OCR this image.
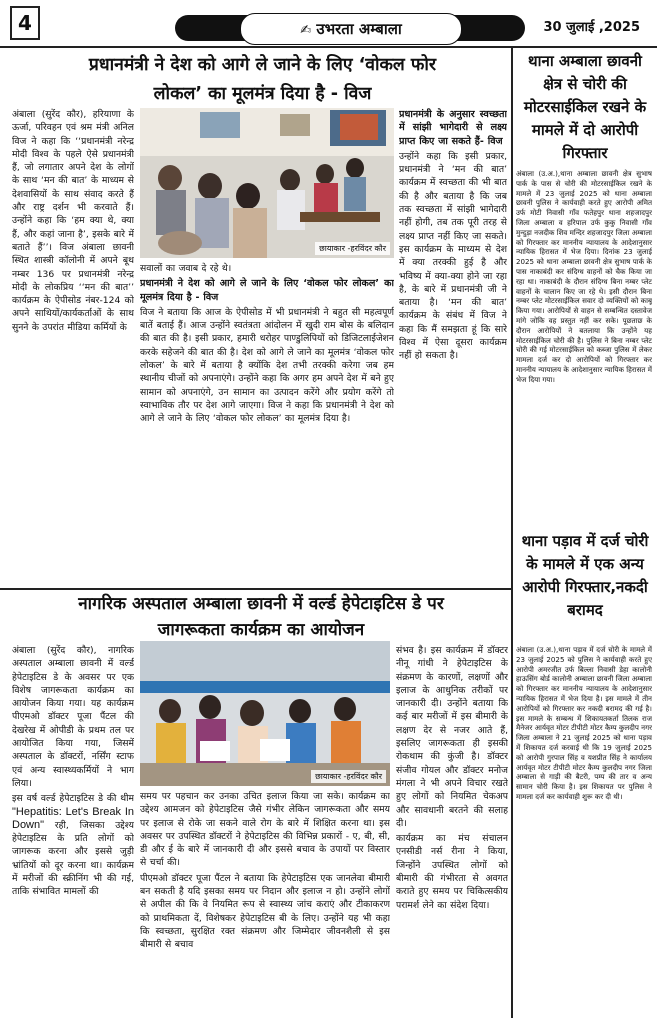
4	✍ उभरता अम्बाला	30 जुलाई ,2025
प्रधानमंत्री ने देश को आगे ले जाने के लिए ‘वोकल फोर
लोकल’ का मूलमंत्र दिया है - विज
अंबाला (सुरेंद कौर), हरियाणा के ऊर्जा, परिवहन एवं श्रम मंत्री अनिल विज ने कहा कि ‘‘प्रधानमंत्री नरेन्द्र मोदी विश्व के पहले ऐसे प्रधानमंत्री हैं, जो लगातार अपने देश के लोगों के साथ ‘मन की बात’ के माध्यम से देशवासियों के साथ संवाद करते हैं और राष्ट्र दर्शन भी करवाते हैं। उन्होंने कहा कि ‘हम क्या थे, क्या हैं, और कहां जाना है’, इसके बारे में बताते हैं’’। विज अंबाला छावनी स्थित शास्त्री कॉलोनी में अपने बूथ नम्बर 136 पर प्रधानमंत्री नरेन्द्र मोदी के लोकप्रिय ‘‘मन की बात’’ कार्यक्रम के ऐपीसोड नंबर-124 को अपने साथियों/कार्यकर्ताओं के साथ सुनने के उपरांत मीडिया कर्मियों के
छायाकार -हरविंदर कौर
सवालों का जवाब दे रहे थे।
प्रधानमंत्री ने देश को आगे ले जाने के लिए ‘वोकल फोर लोकल’ का मूलमंत्र दिया है - विज
विज ने बताया कि आज के ऐपीसोड में भी प्रधानमंत्री ने बहुत सी महत्वपूर्ण बातें बताई हैं। आज उन्होंने स्वतंत्रता आंदोलन में खुदी राम बोस के बलिदान की बात की है। इसी प्रकार, हमारी धरोहर पाण्डुलिपियों को डिजिटलाईजेशन करके सहेजने की बात की है। देश को आगे ले जाने का मूलमंत्र ‘वोकल फोर लोकल’ के बारे में बताया है क्योंकि देश तभी तरक्की करेगा जब हम स्थानीय चीजों को अपनाएंगे। उन्होंने कहा कि अगर हम अपने देश में बने हुए सामान को अपनाएंगे, उन सामान का उत्पादन करेंगे और प्रयोग करेंगे तो स्वाभाविक तौर पर देश आगे जाएगा। विज ने कहा कि प्रधानमंत्री ने देश को आगे ले जाने के लिए ‘वोकल फोर लोकल’ का मूलमंत्र दिया है।
प्रधानमंत्री के अनुसार स्वच्छता में सांझी भागेदारी से लक्ष्य प्राप्त किए जा सकते हैं- विज
उन्होंने कहा कि इसी प्रकार, प्रधानमंत्री ने ‘मन की बात’ कार्यक्रम में स्वच्छता की भी बात की है और बताया है कि जब तक स्वच्छता में सांझी भागेदारी नहीं होगी, तब तक पूरी तरह से लक्ष्य प्राप्त नहीं किए जा सकते। इस कार्यक्रम के माध्यम से देश में क्या तरक्की हुई है और भविष्य में क्या-क्या होने जा रहा है, के बारे में प्रधानमंत्री जी ने बताया है। ‘मन की बात’ कार्यक्रम के संबंध में विज ने कहा कि मैं समझता हूं कि सारे विश्व में ऐसा दूसरा कार्यक्रम नहीं हो सकता है।
नागरिक अस्पताल अम्बाला छावनी में वर्ल्ड हेपेटाइटिस डे पर
जागरूकता कार्यक्रम का आयोजन
अंबाला (सुरेंद कौर), नागरिक अस्पताल अम्बाला छावनी में वर्ल्ड हेपेटाइटिस डे के अवसर पर एक विशेष जागरूकता कार्यक्रम का आयोजन किया गया। यह कार्यक्रम पीएमओ डॉक्टर पूजा पैंटल की देखरेख में ओपीडी के प्रथम तल पर आयोजित किया गया, जिसमें अस्पताल के डॉक्टरों, नर्सिंग स्टाफ एवं अन्य स्वास्थ्यकर्मियों ने भाग लिया।
इस वर्ष वर्ल्ड हेपेटाइटिस डे की थीम "Hepatitis: Let's Break In Down" रही, जिसका उद्देश्य हेपेटाइटिस के प्रति लोगों को जागरूक करना और इससे जुड़ी भ्रांतियों को दूर करना था। कार्यक्रम में मरीजों की स्क्रीनिंग भी की गई, ताकि संभावित मामलों की
छायाकार -हरविंदर कौर
समय पर पहचान कर उनका उचित इलाज किया जा सके। कार्यक्रम का उद्देश्य आमजन को हेपेटाइटिस जैसे गंभीर लेकिन जागरूकता और समय पर इलाज से रोके जा सकने वाले रोग के बारे में शिक्षित करना था। इस अवसर पर उपस्थित डॉक्टरों ने हेपेटाइटिस की विभिन्न प्रकारों - ए, बी, सी, डी और ई के बारे में जानकारी दी और इससे बचाव के उपायों पर विस्तार से चर्चा की।
पीएमओ डॉक्टर पूजा पैंटल ने बताया कि हेपेटाइटिस एक जानलेवा बीमारी बन सकती है यदि इसका समय पर निदान और इलाज न हो। उन्होंने लोगों से अपील की कि वे नियमित रूप से स्वास्थ्य जांच कराएं और टीकाकरण को प्राथमिकता दें, विशेषकर हेपेटाइटिस बी के लिए। उन्होंने यह भी कहा कि स्वच्छता, सुरक्षित रक्त संक्रमण और जिम्मेदार जीवनशैली से इस बीमारी से बचाव
संभव है। इस कार्यक्रम में डॉक्टर नीनू गांधी ने हेपेटाइटिस के संक्रमण के कारणों, लक्षणों और इलाज के आधुनिक तरीकों पर जानकारी दी। उन्होंने बताया कि कई बार मरीजों में इस बीमारी के लक्षण देर से नजर आते हैं, इसलिए जागरूकता ही इसकी रोकथाम की कुंजी है। डॉक्टर संजीव गोयल और डॉक्टर मनोज मंगला ने भी अपने विचार रखते हुए लोगों को नियमित चेकअप और सावधानी बरतने की सलाह दी।
कार्यक्रम का मंच संचालन एनसीडी नर्स रीना ने किया, जिन्होंने उपस्थित लोगों को बीमारी की गंभीरता से अवगत कराते हुए समय पर चिकित्सकीय परामर्श लेने का संदेश दिया।
थाना अम्बाला छावनी क्षेत्र से चोरी की मोटरसाईकिल रखने के मामले में दो आरोपी गिरफ्तार
अंबाला (उ.अ.),थाना अम्बाला छावनी क्षेत्र सुभाष पार्क के पास से चोरी की मोटरसाईकिल रखने के मामले में 23 जुलाई 2025 को थाना अम्बाला छावनी पुलिस ने कार्यवाही करते हुए आरोपी अमित उर्फ मोटी निवासी गाँव फतेहपुर थाना शहजादपुर जिला अम्बाला व हरिपाल उर्फ कुकु निवासी गाँव मुन्दुड़ा नजदीक शिव मन्दिर शहजादपुर जिला अम्बाला को गिरफ्तार कर माननीय न्यायालय के आदेशानुसार न्यायिक हिरासत में भेज दिया। दिनांक 23 जुलाई 2025 को थाना अम्बाला छावनी क्षेत्र सुभाष पार्क के पास नाकाबंदी कर संदिग्ध वाहनों को चैक किया जा रहा था। नाकाबंदी के दौरान संदिग्ध बिना नम्बर प्लेट वाहनों के चालान किए जा रहे थे। इसी दौरान बिना नम्बर प्लेट मोटरसाईकिल सवार दो व्यक्तियों को काबू किया गया। आरोपियों से वाहन से सम्बन्धित दस्तावेज मांगे जोकि वह प्रस्तुत नहीं कर सके। पूछताछ के दौरान आरोपियों ने बतलाया कि उन्होंने यह मोटरसाईकिल चोरी की है। पुलिस ने बिना नम्बर प्लेट चोरी की गई मोटरसाईकिल को कब्जा पुलिस में लेकर मामला दर्ज कर दो आरोपियों को गिरफ्तार कर माननीय न्यायालय के आदेशानुसार न्यायिक हिरासत में भेज दिया गया।
थाना पड़ाव में दर्ज चोरी के मामले में एक अन्य आरोपी गिरफ्तार,नकदी बरामद
अंबाला (उ.अ.),थाना पड़ाव में दर्ज चोरी के मामले में 23 जुलाई 2025 को पुलिस ने कार्यवाही करते हुए आरोपी अमरजीत उर्फ बिल्ला निवासी डेहा कालोनी हाऊसिंग बोर्ड कालोनी अम्बाला छावनी जिला अम्बाला को गिरफ्तार कर माननीय न्यायालय के आदेशानुसार न्यायिक हिरासत में भेज दिया है। इस मामले में तीन आरोपियों को गिरफ्तार कर नकदी बरामद की गई है। इस मामले के सम्बन्ध में शिकायतकर्ता तिलक राज मैनेजर आर्यवृत मोटर टीपीटी मोटर कैम्प कुलदीप नगर जिला अम्बाला ने 21 जुलाई 2025 को थाना पड़ाव में शिकायत दर्ज करवाई थी कि 19 जुलाई 2025 को आरोपी गुरपाल सिंह व यशप्रीत सिंह ने कार्यालय आर्यवृत मोटर टीपीटी मोटर कैम्प कुलदीप नगर जिला अम्बाला से गाड़ी की बैटरी, पम्प की तार व अन्य सामान चोरी किया है। इस शिकायत पर पुलिस ने मामला दर्ज कर कार्यवाही शुरू कर दी थी।
